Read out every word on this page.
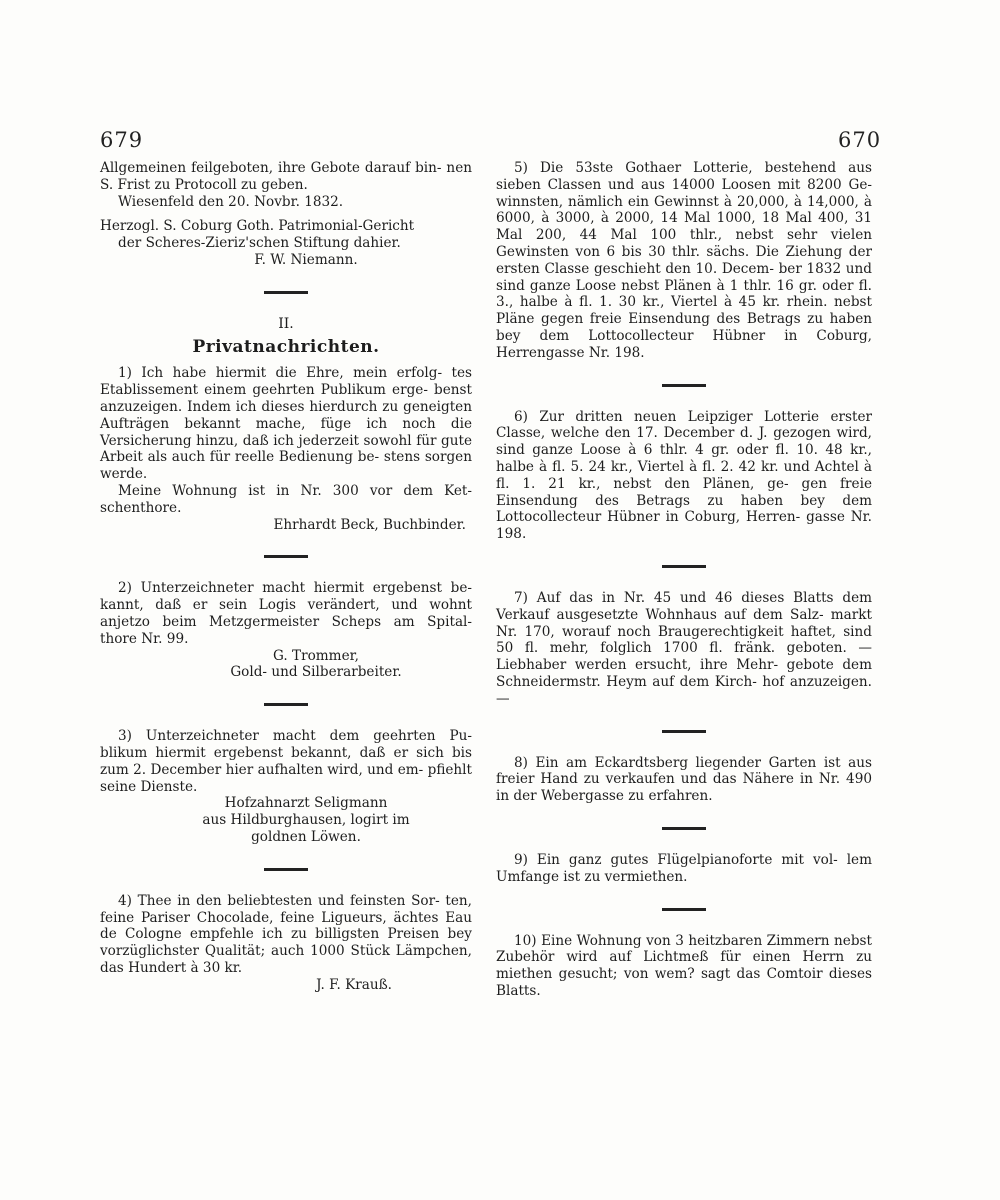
679	670

Allgemeinen feilgeboten, ihre Gebote darauf bin- nen S. Frist zu Protocoll zu geben.

Wiesenfeld den 20. Novbr. 1832.

Herzogl. S. Coburg Goth. Patrimonial-Gericht

der Scheres-Zieriz'schen Stiftung dahier.

F. W. Niemann.

II.
Privatnachrichten.

1) Ich habe hiermit die Ehre, mein erfolg- tes Etablissement einem geehrten Publikum erge- benst anzuzeigen. Indem ich dieses hierdurch zu geneigten Aufträgen bekannt mache, füge ich noch die Versicherung hinzu, daß ich jederzeit sowohl für gute Arbeit als auch für reelle Bedienung be- stens sorgen werde.

Meine Wohnung ist in Nr. 300 vor dem Ket- schenthore.

Ehrhardt Beck, Buchbinder.

2) Unterzeichneter macht hiermit ergebenst be- kannt, daß er sein Logis verändert, und wohnt anjetzo beim Metzgermeister Scheps am Spital- thore Nr. 99.

G. Trommer,

Gold- und Silberarbeiter.

3) Unterzeichneter macht dem geehrten Pu- blikum hiermit ergebenst bekannt, daß er sich bis zum 2. December hier aufhalten wird, und em- pfiehlt seine Dienste.

Hofzahnarzt Seligmann

aus Hildburghausen, logirt im

goldnen Löwen.

4) Thee in den beliebtesten und feinsten Sor- ten, feine Pariser Chocolade, feine Ligueurs, ächtes Eau de Cologne empfehle ich zu billigsten Preisen bey vorzüglichster Qualität; auch 1000 Stück Lämpchen, das Hundert à 30 kr.

J. F. Krauß.

5) Die 53ste Gothaer Lotterie, bestehend aus sieben Classen und aus 14000 Loosen mit 8200 Ge- winnsten, nämlich ein Gewinnst à 20,000, à 14,000, à 6000, à 3000, à 2000, 14 Mal 1000, 18 Mal 400, 31 Mal 200, 44 Mal 100 thlr., nebst sehr vielen Gewinsten von 6 bis 30 thlr. sächs. Die Ziehung der ersten Classe geschieht den 10. Decem- ber 1832 und sind ganze Loose nebst Plänen à 1 thlr. 16 gr. oder fl. 3., halbe à fl. 1. 30 kr., Viertel à 45 kr. rhein. nebst Pläne gegen freie Einsendung des Betrags zu haben bey dem Lottocollecteur Hübner in Coburg, Herrengasse Nr. 198.

6) Zur dritten neuen Leipziger Lotterie erster Classe, welche den 17. December d. J. gezogen wird, sind ganze Loose à 6 thlr. 4 gr. oder fl. 10. 48 kr., halbe à fl. 5. 24 kr., Viertel à fl. 2. 42 kr. und Achtel à fl. 1. 21 kr., nebst den Plänen, ge- gen freie Einsendung des Betrags zu haben bey dem Lottocollecteur Hübner in Coburg, Herren- gasse Nr. 198.

7) Auf das in Nr. 45 und 46 dieses Blatts dem Verkauf ausgesetzte Wohnhaus auf dem Salz- markt Nr. 170, worauf noch Braugerechtigkeit haftet, sind 50 fl. mehr, folglich 1700 fl. fränk. geboten. — Liebhaber werden ersucht, ihre Mehr- gebote dem Schneidermstr. Heym auf dem Kirch- hof anzuzeigen. —

8) Ein am Eckardtsberg liegender Garten ist aus freier Hand zu verkaufen und das Nähere in Nr. 490 in der Webergasse zu erfahren.

9) Ein ganz gutes Flügelpianoforte mit vol- lem Umfange ist zu vermiethen.

10) Eine Wohnung von 3 heitzbaren Zimmern nebst Zubehör wird auf Lichtmeß für einen Herrn zu miethen gesucht; von wem? sagt das Comtoir dieses Blatts.
